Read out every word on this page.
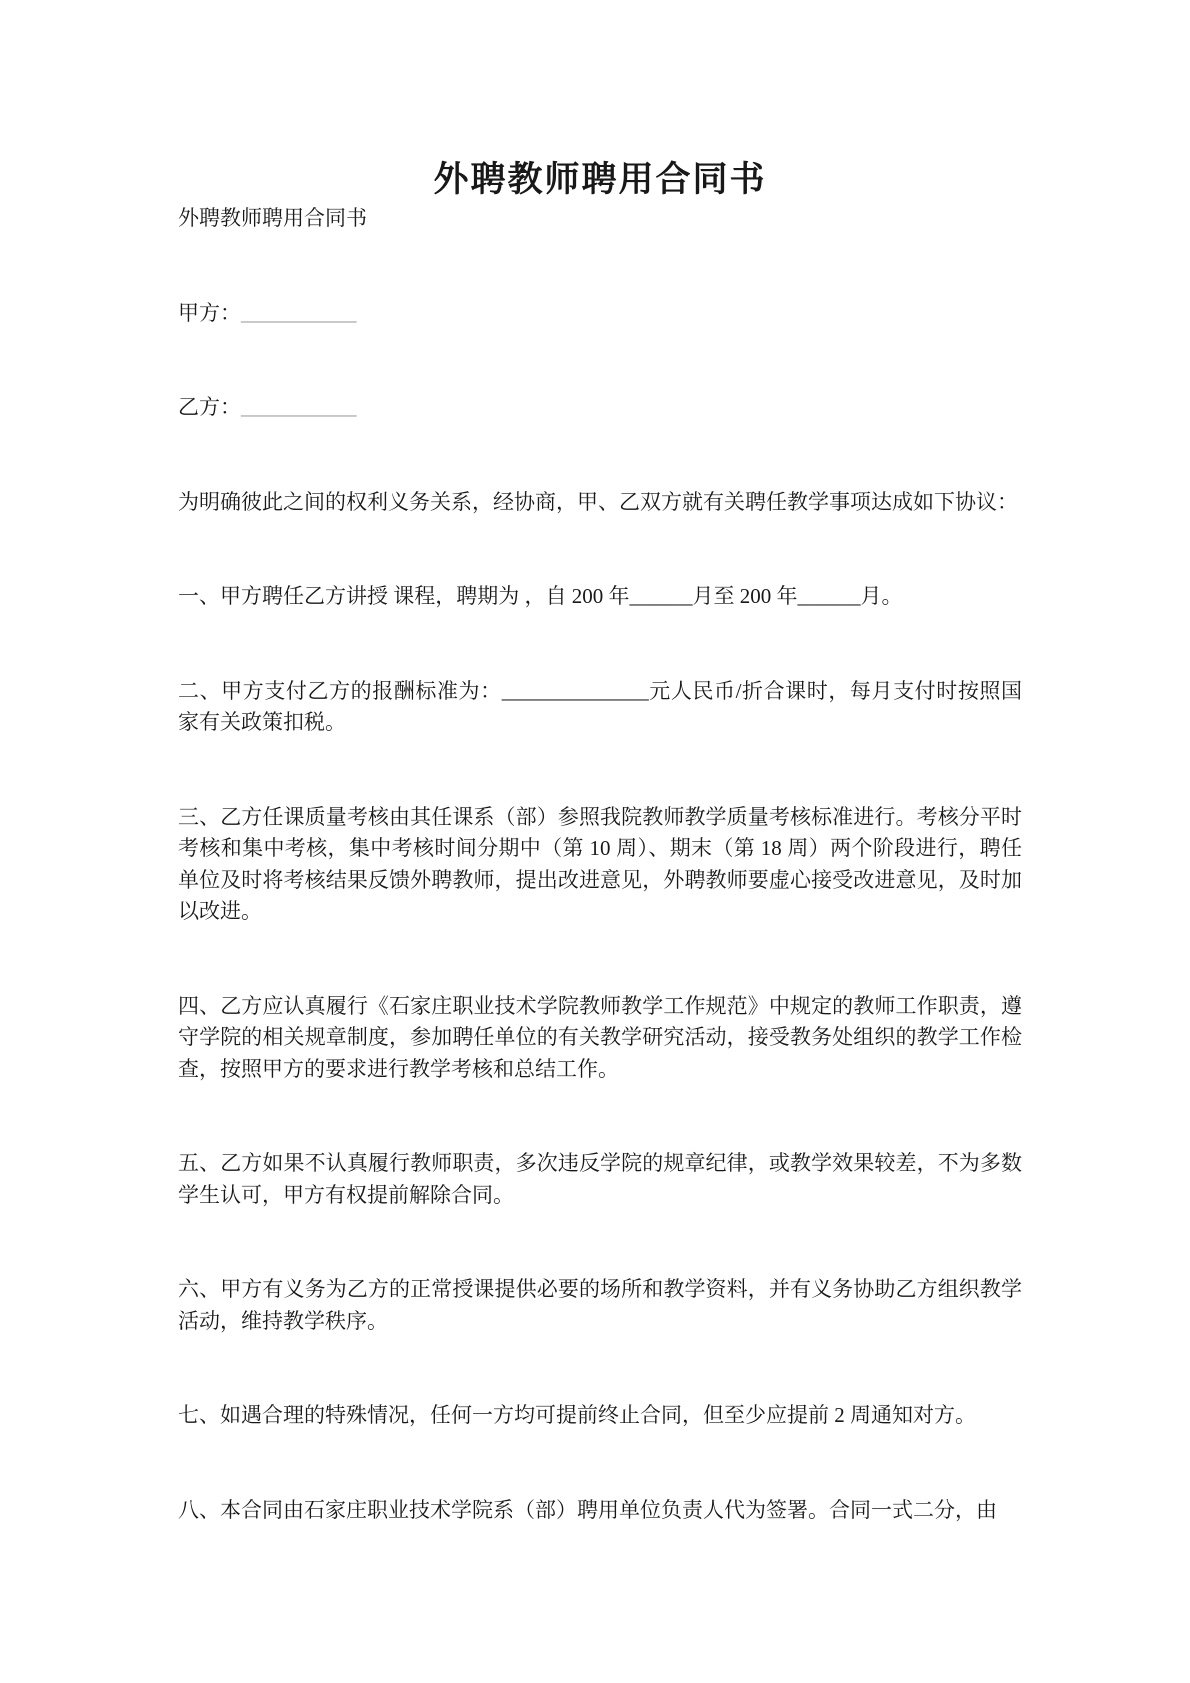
外聘教师聘用合同书

外聘教师聘用合同书

甲方：___________

乙方：___________

为明确彼此之间的权利义务关系，经协商，甲、乙双方就有关聘任教学事项达成如下协议：

一、甲方聘任乙方讲授 课程，聘期为 ，自 200 年______月至 200 年______月。

二、甲方支付乙方的报酬标准为：______________元人民币/折合课时，每月支付时按照国家有关政策扣税。

三、乙方任课质量考核由其任课系（部）参照我院教师教学质量考核标准进行。考核分平时考核和集中考核，集中考核时间分期中（第 10 周）、期末（第 18 周）两个阶段进行，聘任单位及时将考核结果反馈外聘教师，提出改进意见，外聘教师要虚心接受改进意见，及时加以改进。

四、乙方应认真履行《石家庄职业技术学院教师教学工作规范》中规定的教师工作职责，遵守学院的相关规章制度，参加聘任单位的有关教学研究活动，接受教务处组织的教学工作检查，按照甲方的要求进行教学考核和总结工作。

五、乙方如果不认真履行教师职责，多次违反学院的规章纪律，或教学效果较差，不为多数学生认可，甲方有权提前解除合同。

六、甲方有义务为乙方的正常授课提供必要的场所和教学资料，并有义务协助乙方组织教学活动，维持教学秩序。

七、如遇合理的特殊情况，任何一方均可提前终止合同，但至少应提前 2 周通知对方。

八、本合同由石家庄职业技术学院系（部）聘用单位负责人代为签署。合同一式二分，由
